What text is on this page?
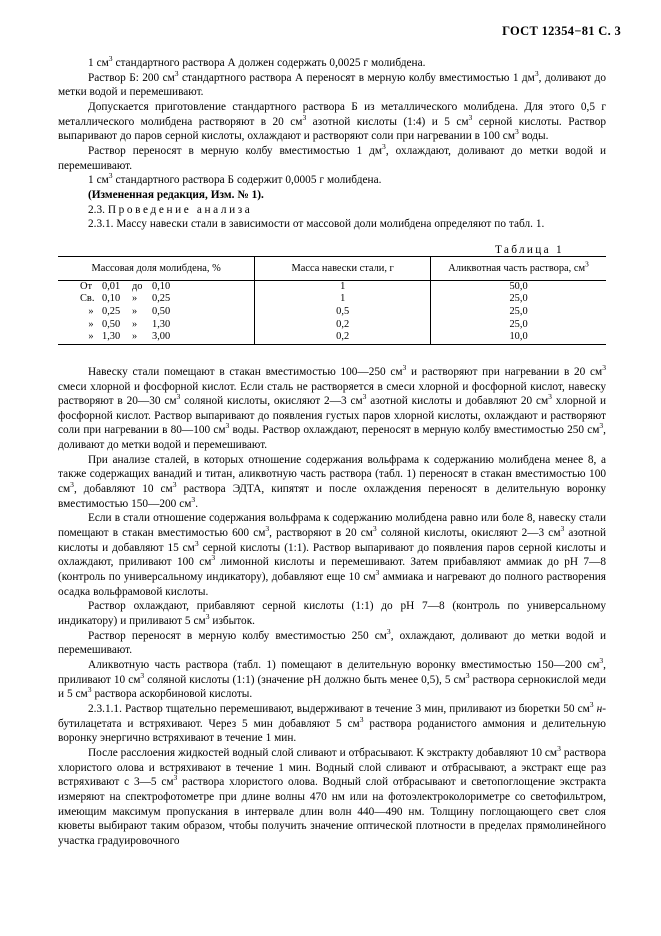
ГОСТ 12354−81 С. 3

1 $см^3$ стандартного раствора А должен содержать 0,0025 г молибдена.

Раствор Б: 200 $см^3$ стандартного раствора А переносят в мерную колбу вместимостью 1 $дм^3$, доливают до метки водой и перемешивают.

Допускается приготовление стандартного раствора Б из металлического молибдена. Для этого 0,5 г металлического молибдена растворяют в 20 $см^3$ азотной кислоты (1:4) и 5 $см^3$ серной кислоты. Раствор выпаривают до паров серной кислоты, охлаждают и растворяют соли при нагревании в 100 $см^3$ воды.

Раствор переносят в мерную колбу вместимостью 1 $дм^3$, охлаждают, доливают до метки водой и перемешивают.

1 $см^3$ стандартного раствора Б содержит 0,0005 г молибдена.

(Измененная редакция, Изм. № 1).

2.3. Проведение анализа

2.3.1. Массу навески стали в зависимости от массовой доли молибдена определяют по табл. 1.

Таблица 1

Массовая доля молибдена, %	Масса навески стали, г	Аликвотная часть раствора, $см^3$
От 0,01 до 0,10	1	50,0
Св. 0,10 » 0,25	1	25,0
» 0,25 » 0,50	0,5	25,0
» 0,50 » 1,30	0,2	25,0
» 1,30 » 3,00	0,2	10,0

Навеску стали помещают в стакан вместимостью 100—250 $см^3$ и растворяют при нагревании в 20 $см^3$ смеси хлорной и фосфорной кислот. Если сталь не растворяется в смеси хлорной и фосфорной кислот, навеску растворяют в 20—30 $см^3$ соляной кислоты, окисляют 2—3 $см^3$ азотной кислоты и добавляют 20 $см^3$ хлорной и фосфорной кислот. Раствор выпаривают до появления густых паров хлорной кислоты, охлаждают и растворяют соли при нагревании в 80—100 $см^3$ воды. Раствор охлаждают, переносят в мерную колбу вместимостью 250 $см^3$, доливают до метки водой и перемешивают.

При анализе сталей, в которых отношение содержания вольфрама к содержанию молибдена менее 8, а также содержащих ванадий и титан, аликвотную часть раствора (табл. 1) переносят в стакан вместимостью 100 $см^3$, добавляют 10 $см^3$ раствора ЭДТА, кипятят и после охлаждения переносят в делительную воронку вместимостью 150—200 $см^3$.

Если в стали отношение содержания вольфрама к содержанию молибдена равно или боле 8, навеску стали помещают в стакан вместимостью 600 $см^3$, растворяют в 20 $см^3$ соляной кислоты, окисляют 2—3 $см^3$ азотной кислоты и добавляют 15 $см^3$ серной кислоты (1:1). Раствор выпаривают до появления паров серной кислоты и охлаждают, приливают 100 $см^3$ лимонной кислоты и перемешивают. Затем прибавляют аммиак до рН 7—8 (контроль по универсальному индикатору), добавляют еще 10 $см^3$ аммиака и нагревают до полного растворения осадка вольфрамовой кислоты.

Раствор охлаждают, прибавляют серной кислоты (1:1) до рН 7—8 (контроль по универсальному индикатору) и приливают 5 $см^3$ избыток.

Раствор переносят в мерную колбу вместимостью 250 $см^3$, охлаждают, доливают до метки водой и перемешивают.

Аликвотную часть раствора (табл. 1) помещают в делительную воронку вместимостью 150—200 $см^3$, приливают 10 $см^3$ соляной кислоты (1:1) (значение рН должно быть менее 0,5), 5 $см^3$ раствора сернокислой меди и 5 $см^3$ раствора аскорбиновой кислоты.

2.3.1.1. Раствор тщательно перемешивают, выдерживают в течение 3 мин, приливают из бюретки 50 $см^3$ н-бутилацетата и встряхивают. Через 5 мин добавляют 5 $см^3$ раствора роданистого аммония и делительную воронку энергично встряхивают в течение 1 мин.

После расслоения жидкостей водный слой сливают и отбрасывают. К экстракту добавляют 10 $см^3$ раствора хлористого олова и встряхивают в течение 1 мин. Водный слой сливают и отбрасывают, а экстракт еще раз встряхивают с 3—5 $см^3$ раствора хлористого олова. Водный слой отбрасывают и светопоглощение экстракта измеряют на спектрофотометре при длине волны 470 нм или на фотоэлектроколориметре со светофильтром, имеющим максимум пропускания в интервале длин волн 440—490 нм. Толщину поглощающего свет слоя кюветы выбирают таким образом, чтобы получить значение оптической плотности в пределах прямолинейного участка градуировочного
